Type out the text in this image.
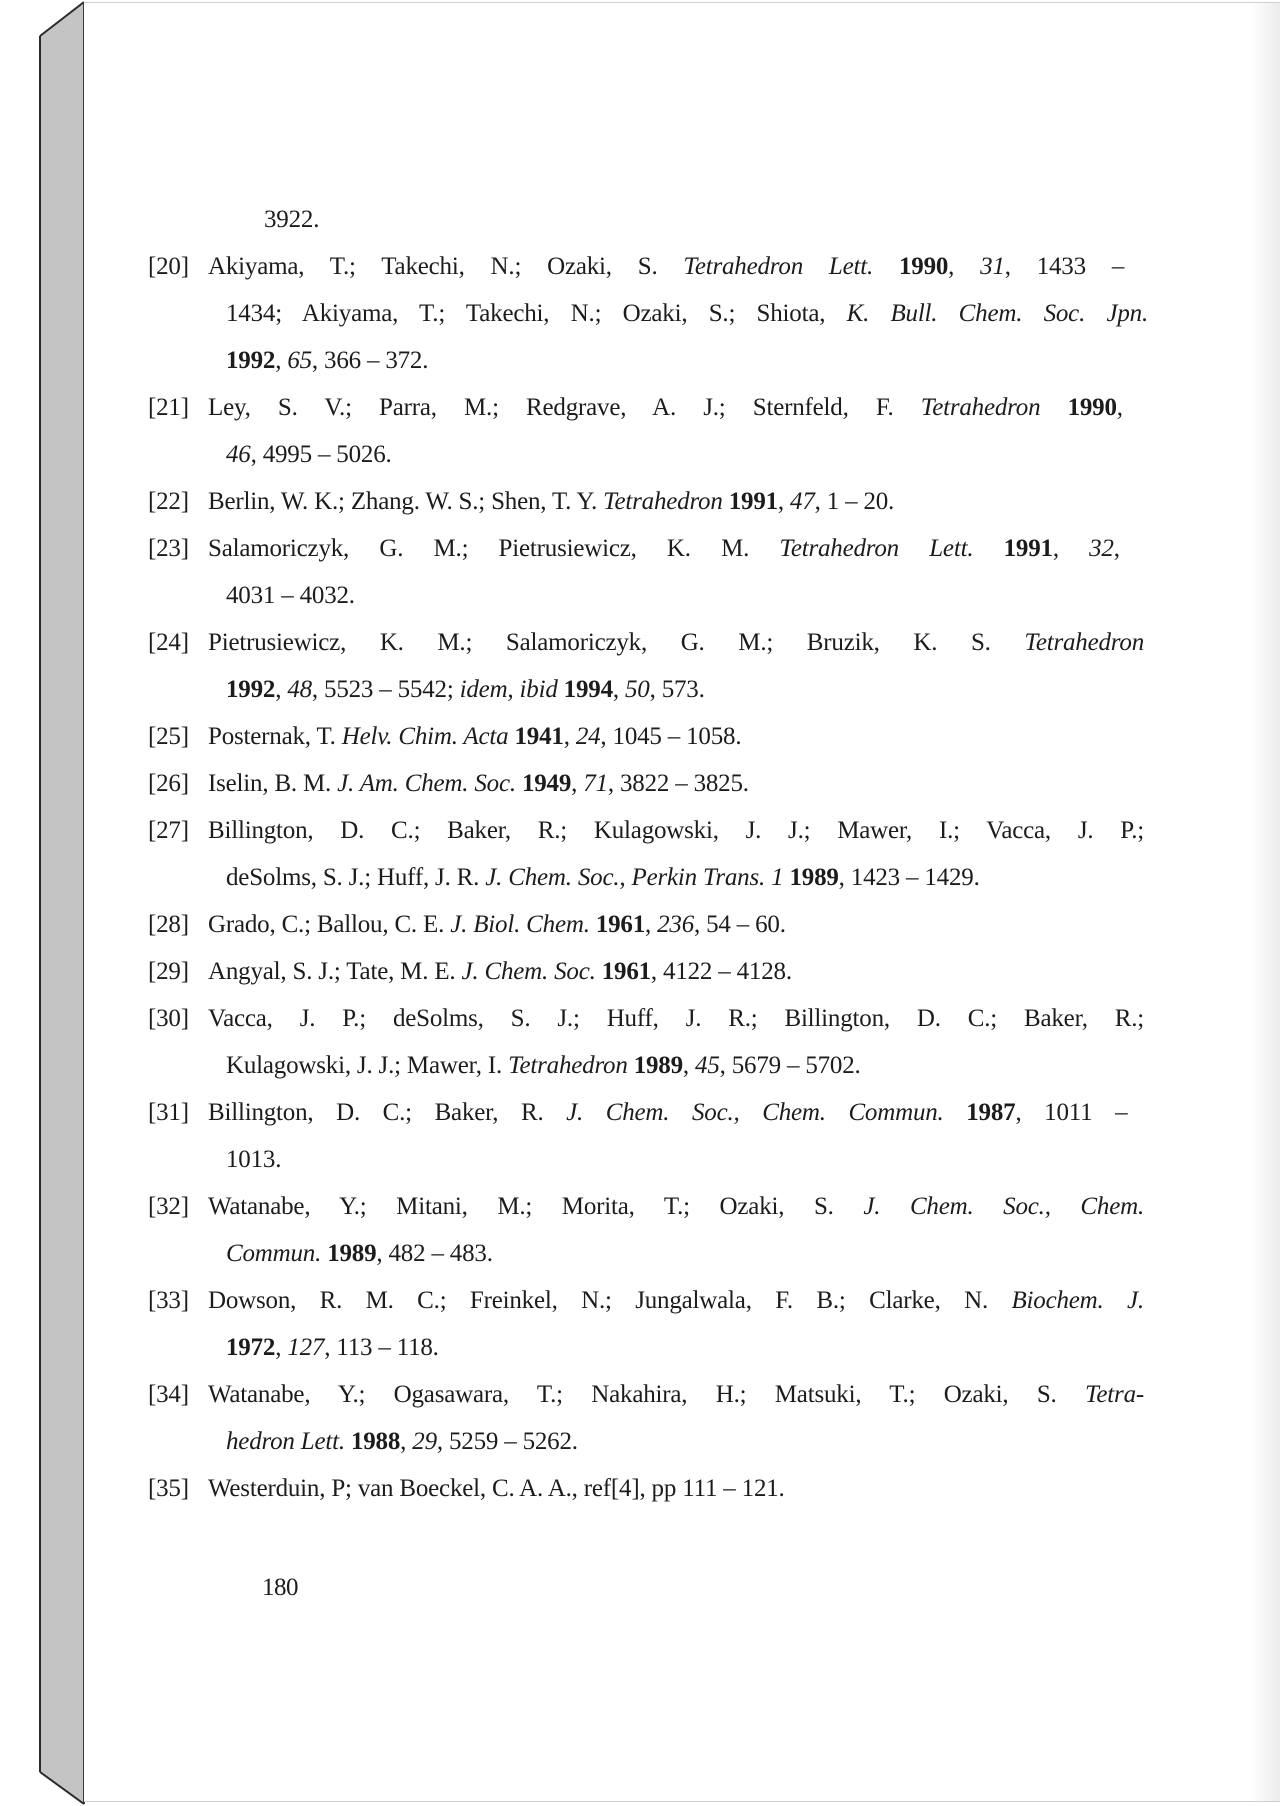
3922.
[20] Akiyama, T.; Takechi, N.; Ozaki, S. Tetrahedron Lett. 1990, 31, 1433 –
1434; Akiyama, T.; Takechi, N.; Ozaki, S.; Shiota, K. Bull. Chem. Soc. Jpn.
1992, 65, 366 – 372.
[21] Ley, S. V.; Parra, M.; Redgrave, A. J.; Sternfeld, F. Tetrahedron 1990,
46, 4995 – 5026.
[22] Berlin, W. K.; Zhang. W. S.; Shen, T. Y. Tetrahedron 1991, 47, 1 – 20.
[23] Salamoriczyk, G. M.; Pietrusiewicz, K. M. Tetrahedron Lett. 1991, 32,
4031 – 4032.
[24] Pietrusiewicz, K. M.; Salamoriczyk, G. M.; Bruzik, K. S. Tetrahedron
1992, 48, 5523 – 5542; idem, ibid 1994, 50, 573.
[25] Posternak, T. Helv. Chim. Acta 1941, 24, 1045 – 1058.
[26] Iselin, B. M. J. Am. Chem. Soc. 1949, 71, 3822 – 3825.
[27] Billington, D. C.; Baker, R.; Kulagowski, J. J.; Mawer, I.; Vacca, J. P.;
deSolms, S. J.; Huff, J. R. J. Chem. Soc., Perkin Trans. 1 1989, 1423 – 1429.
[28] Grado, C.; Ballou, C. E. J. Biol. Chem. 1961, 236, 54 – 60.
[29] Angyal, S. J.; Tate, M. E. J. Chem. Soc. 1961, 4122 – 4128.
[30] Vacca, J. P.; deSolms, S. J.; Huff, J. R.; Billington, D. C.; Baker, R.;
Kulagowski, J. J.; Mawer, I. Tetrahedron 1989, 45, 5679 – 5702.
[31] Billington, D. C.; Baker, R. J. Chem. Soc., Chem. Commun. 1987, 1011 –
1013.
[32] Watanabe, Y.; Mitani, M.; Morita, T.; Ozaki, S. J. Chem. Soc., Chem.
Commun. 1989, 482 – 483.
[33] Dowson, R. M. C.; Freinkel, N.; Jungalwala, F. B.; Clarke, N. Biochem. J.
1972, 127, 113 – 118.
[34] Watanabe, Y.; Ogasawara, T.; Nakahira, H.; Matsuki, T.; Ozaki, S. Tetra-
hedron Lett. 1988, 29, 5259 – 5262.
[35] Westerduin, P; van Boeckel, C. A. A., ref[4], pp 111 – 121.
180
